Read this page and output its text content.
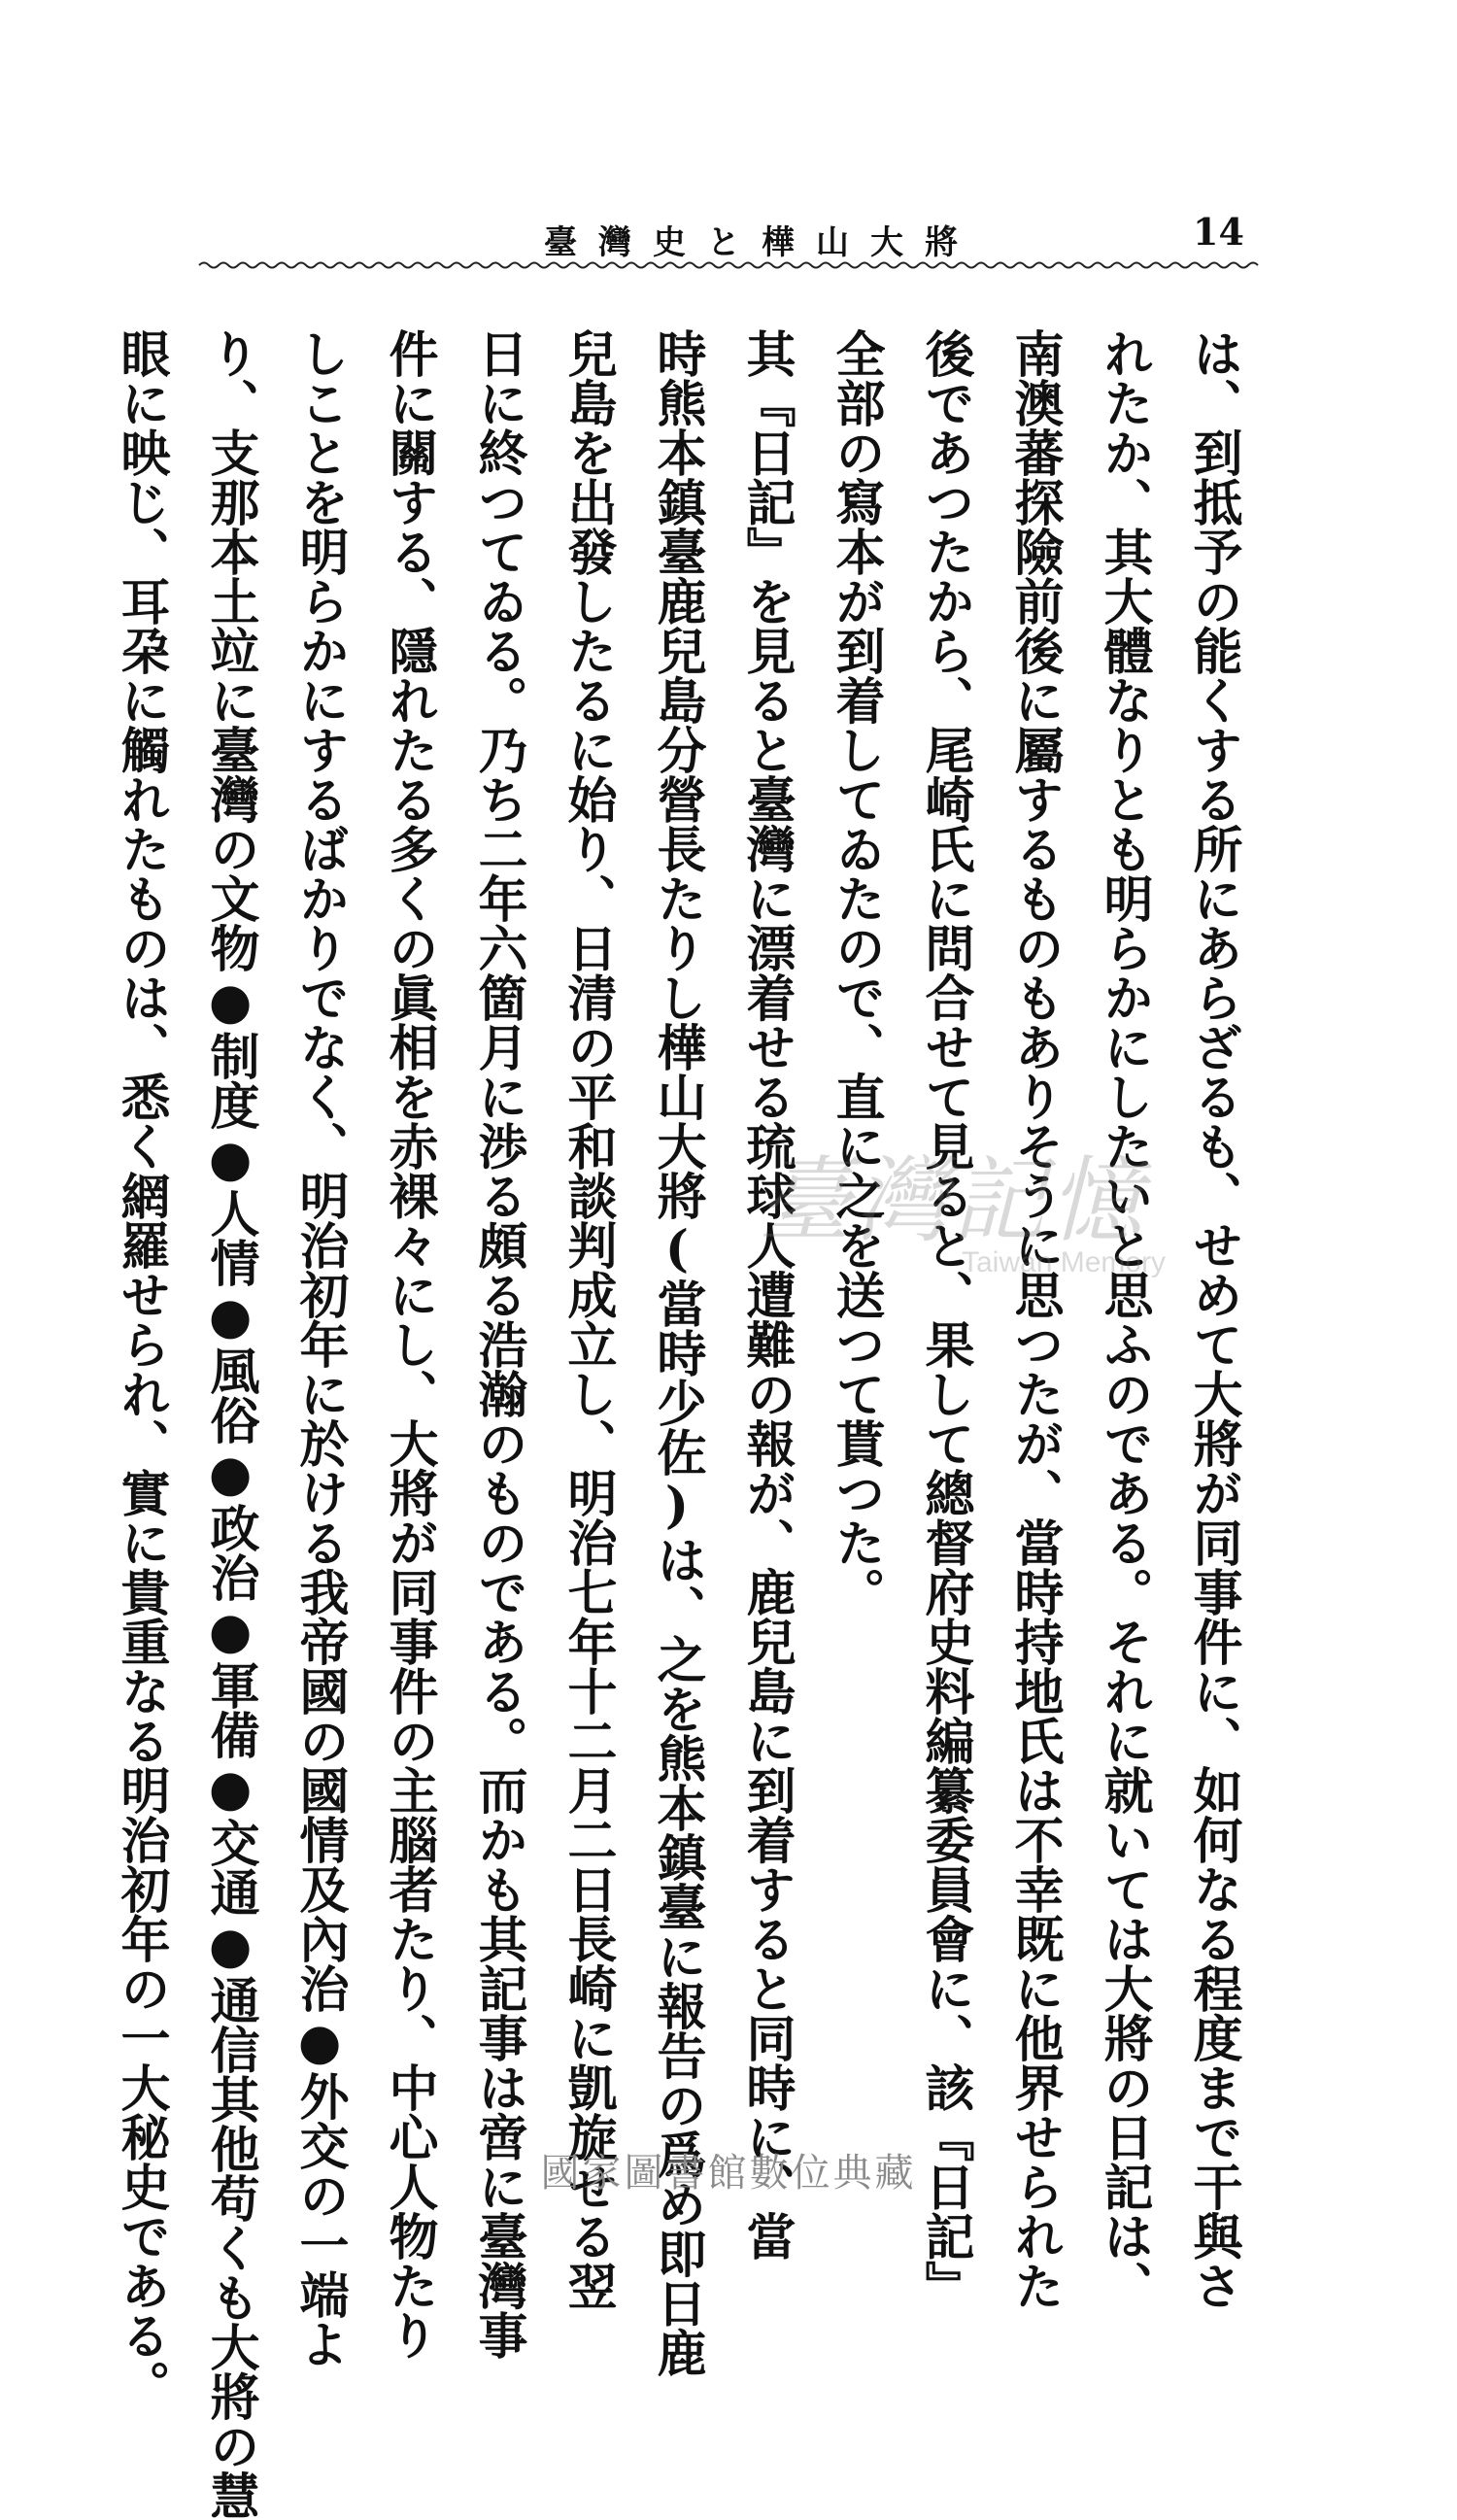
臺灣史と樺山大將	14

は、到抵予の能くする所にあらざるも、せめて大將が同事件に、如何なる程度まで干與さ
れたか、其大體なりとも明らかにしたいと思ふのである。それに就いては大將の日記は、
南澳蕃探險前後に屬するものもありそうに思つたが、當時持地氏は不幸既に他界せられた
後であつたから、尾崎氏に問合せて見ると、果して總督府史料編纂委員會に、該『日記』
全部の寫本が到着してゐたので、直に之を送つて貰つた。

其『日記』を見ると臺灣に漂着せる琉球人遭難の報が、鹿兒島に到着すると同時に、當
時熊本鎮臺鹿兒島分營長たりし樺山大將(當時少佐)は、之を熊本鎮臺に報告の爲め即日鹿
兒島を出發したるに始り、日清の平和談判成立し、明治七年十二月二日長崎に凱旋せる翌
日に終つてゐる。乃ち二年六箇月に渉る頗る浩瀚のものである。而かも其記事は啻に臺灣事
件に關する、隱れたる多くの眞相を赤裸々にし、大將が同事件の主腦者たり、中心人物たり
しことを明らかにするばかりでなく、明治初年に於ける我帝國の國情及內治●外交の一端よ
り、支那本土竝に臺灣の文物●制度●人情●風俗●政治●軍備●交通●通信其他苟くも大將の慧
眼に映じ、耳朶に觸れたものは、悉く網羅せられ、實に貴重なる明治初年の一大秘史である。	臺灣記憶
Taiwan Memory
國家圖書館數位典藏
